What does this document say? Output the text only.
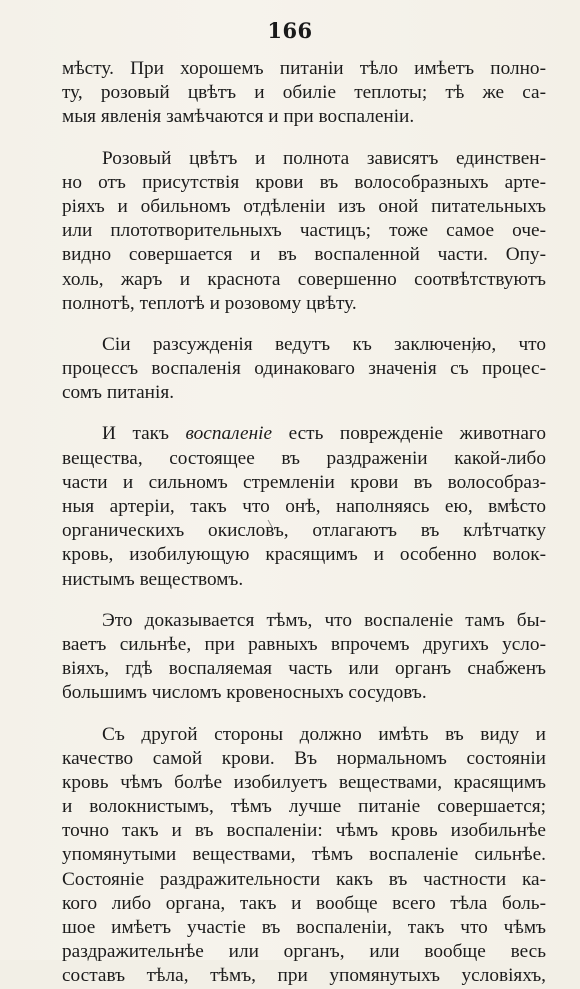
166

мѣсту. При хорошемъ питаніи тѣло имѣетъ полно-
ту, розовый цвѣтъ и обиліе теплоты; тѣ же са-
мыя явленія замѣчаются и при воспаленіи.

Розовый цвѣтъ и полнота зависятъ единствен-
но отъ присутствія крови въ волособразныхъ арте-
ріяхъ и обильномъ отдѣленіи изъ оной питательныхъ
или плототворительныхъ частицъ; тоже самое оче-
видно совершается и въ воспаленной части. Опу-
холь, жаръ и краснота совершенно соотвѣтствуютъ
полнотѣ, теплотѣ и розовому цвѣту.

Сіи разсужденія ведутъ къ заключенію, что
процессъ воспаленія одинаковаго значенія съ процес-
сомъ питанія.

И такъ воспаленіе есть поврежденіе животнаго
вещества, состоящее въ раздраженіи какой-либо
части и сильномъ стремленіи крови въ волособраз-
ныя артеріи, такъ что онѣ, наполняясь ею, вмѣсто
органическихъ окисловъ, отлагаютъ въ клѣтчатку
кровь, изобилующую красящимъ и особенно волок-
нистымъ веществомъ.

Это доказывается тѣмъ, что воспаленіе тамъ бы-
ваетъ сильнѣе, при равныхъ впрочемъ другихъ усло-
віяхъ, гдѣ воспаляемая часть или органъ снабженъ
большимъ числомъ кровеносныхъ сосудовъ.

Съ другой стороны должно имѣть въ виду и
качество самой крови. Въ нормальномъ состояніи
кровь чѣмъ болѣе изобилуетъ веществами, красящимъ
и волокнистымъ, тѣмъ лучше питаніе совершается;
точно такъ и въ воспаленіи: чѣмъ кровь изобильнѣе
упомянутыми веществами, тѣмъ воспаленіе сильнѣе.
Состояніе раздражительности какъ въ частности ка-
кого либо органа, такъ и вообще всего тѣла боль-
шое имѣетъ участіе въ воспаленіи, такъ что чѣмъ
раздражительнѣе или органъ, или вообще весь
составъ тѣла, тѣмъ, при упомянутыхъ условіяхъ,
